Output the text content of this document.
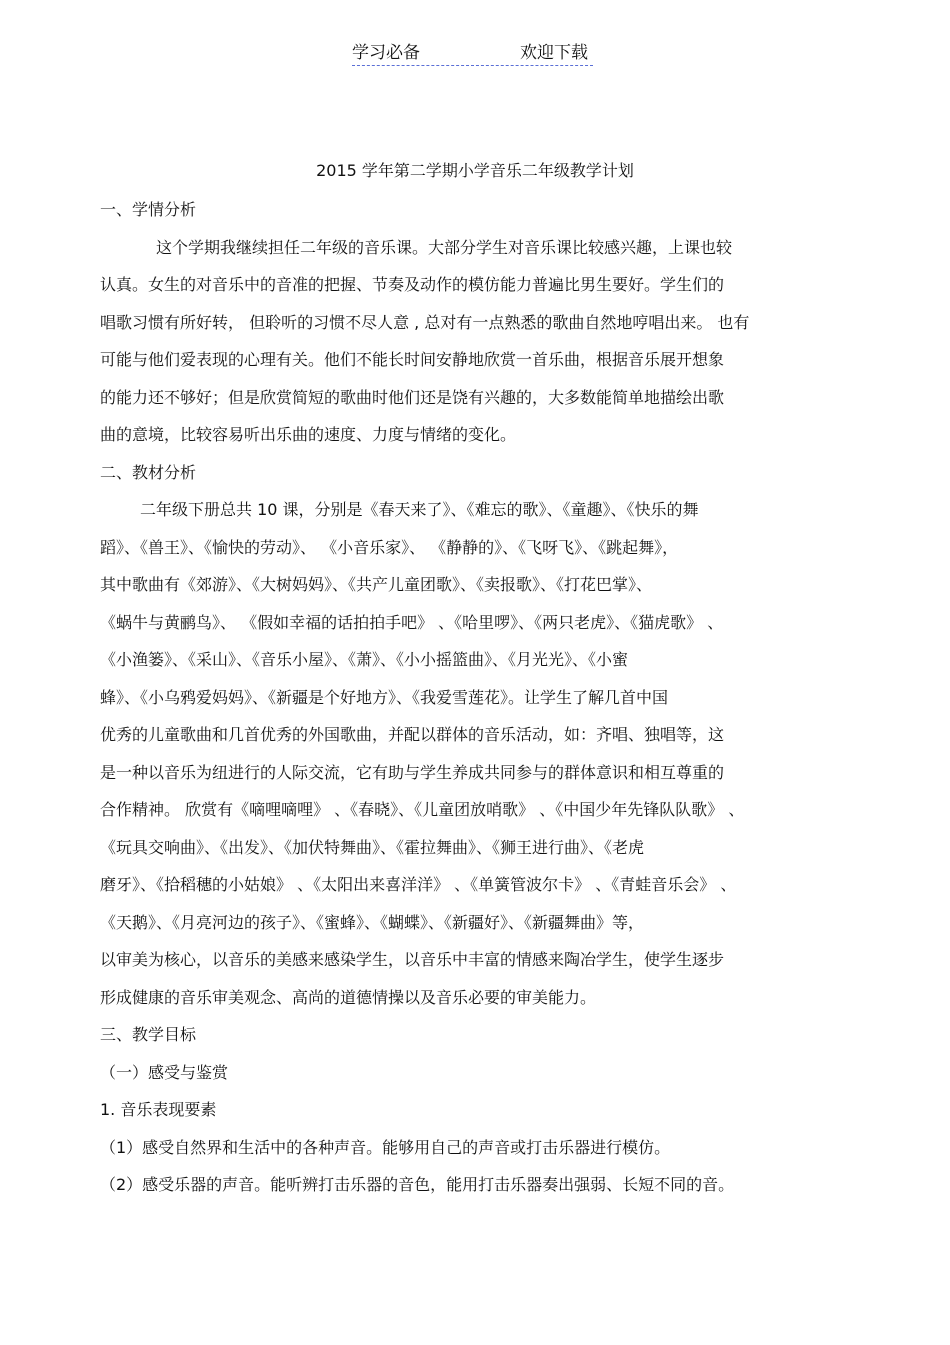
学习必备	欢迎下载
2015 学年第二学期小学音乐二年级教学计划
一、学情分析
这个学期我继续担任二年级的音乐课。大部分学生对音乐课比较感兴趣，上课也较
认真。女生的对音乐中的音准的把握、节奏及动作的模仿能力普遍比男生要好。学生们的
唱歌习惯有所好转， 但聆听的习惯不尽人意 , 总对有一点熟悉的歌曲自然地哼唱出来。 也有
可能与他们爱表现的心理有关。他们不能长时间安静地欣赏一首乐曲，根据音乐展开想象
的能力还不够好；但是欣赏简短的歌曲时他们还是饶有兴趣的，大多数能简单地描绘出歌
曲的意境，比较容易听出乐曲的速度、力度与情绪的变化。
二、教材分析
二年级下册总共 10 课，分别是《春天来了》、《难忘的歌》、《童趣》、《快乐的舞
蹈》、《兽王》、《愉快的劳动》、 《小音乐家》、 《静静的》、《飞呀飞》、《跳起舞》，
其中歌曲有《郊游》、《大树妈妈》、《共产儿童团歌》、《卖报歌》、《打花巴掌》、
《蜗牛与黄鹂鸟》、 《假如幸福的话拍拍手吧》 、《哈里啰》、《两只老虎》、《猫虎歌》 、
《小渔篓》、《采山》、《音乐小屋》、《萧》、《小小摇篮曲》、《月光光》、《小蜜
蜂》、《小乌鸦爱妈妈》、《新疆是个好地方》、《我爱雪莲花》。让学生了解几首中国
优秀的儿童歌曲和几首优秀的外国歌曲，并配以群体的音乐活动，如：齐唱、独唱等，这
是一种以音乐为纽进行的人际交流，它有助与学生养成共同参与的群体意识和相互尊重的
合作精神。 欣赏有《嘀哩嘀哩》 、《春晓》、《儿童团放哨歌》 、《中国少年先锋队队歌》 、
《玩具交响曲》、《出发》、《加伏特舞曲》、《霍拉舞曲》、《狮王进行曲》、《老虎
磨牙》、《拾稻穗的小姑娘》 、《太阳出来喜洋洋》 、《单簧管波尔卡》 、《青蛙音乐会》 、
《天鹅》、《月亮河边的孩子》、《蜜蜂》、《蝴蝶》、《新疆好》、《新疆舞曲》等，
以审美为核心，以音乐的美感来感染学生，以音乐中丰富的情感来陶冶学生，使学生逐步
形成健康的音乐审美观念、高尚的道德情操以及音乐必要的审美能力。
三、教学目标
（一）感受与鉴赏
1. 音乐表现要素
（1）感受自然界和生活中的各种声音。能够用自己的声音或打击乐器进行模仿。
（2）感受乐器的声音。能听辨打击乐器的音色，能用打击乐器奏出强弱、长短不同的音。
